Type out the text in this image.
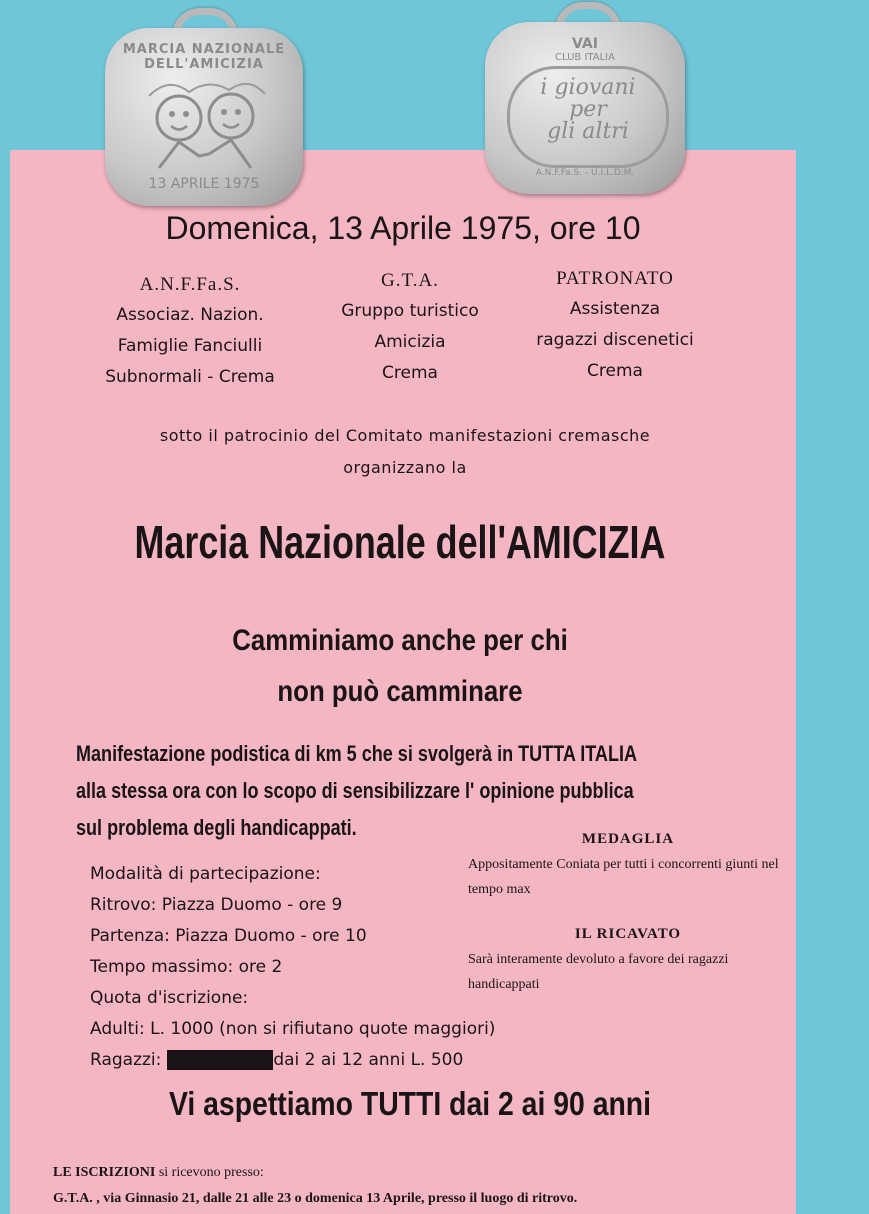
Domenica, 13 Aprile 1975, ore 10
A.N.F.Fa.S.
Associaz. Nazion.
Famiglie Fanciulli
Subnormali - Crema
G.T.A.
Gruppo turistico
Amicizia
Crema
PATRONATO
Assistenza
ragazzi discenetici
Crema
sotto il patrocinio del Comitato manifestazioni cremasche
organizzano la
Marcia Nazionale dell'AMICIZIA
Camminiamo anche per chi
non può camminare
Manifestazione podistica di km 5 che si svolgerà in TUTTA ITALIA
alla stessa ora con lo scopo di sensibilizzare l' opinione pubblica
sul problema degli handicappati.
Modalità di partecipazione:
Ritrovo: Piazza Duomo - ore 9
Partenza: Piazza Duomo - ore 10
Tempo massimo: ore 2
Quota d'iscrizione:
Adulti: L. 1000 (non si rifiutano quote maggiori)
Ragazzi: quota libera dai 2 ai 12 anni L. 500
MEDAGLIA
Appositamente Coniata per tutti i concorrenti giunti nel tempo max
IL RICAVATO
Sarà interamente devoluto a favore dei ragazzi handicappati
Vi aspettiamo TUTTI dai 2 ai 90 anni
LE ISCRIZIONI si ricevono presso:
G.T.A. , via Ginnasio 21, dalle 21 alle 23 o domenica 13 Aprile, presso il luogo di ritrovo.
MARCIA NAZIONALE DELL'AMICIZIA
13 APRILE 1975
VAI
CLUB ITALIA
i giovani
per
gli altri
A.N.F.Fa.S. - U.I.L.D.M.
